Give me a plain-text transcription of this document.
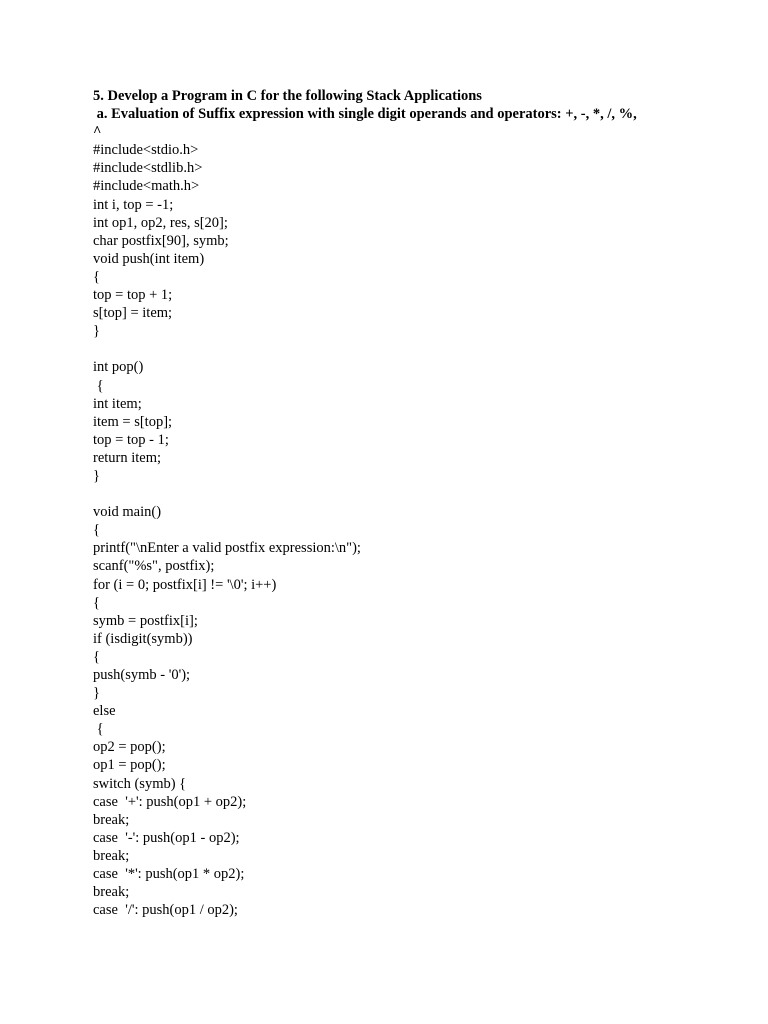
5. Develop a Program in C for the following Stack Applications
a. Evaluation of Suffix expression with single digit operands and operators: +, -, *, /, %,
^
#include<stdio.h>
#include<stdlib.h>
#include<math.h>
int i, top = -1;
int op1, op2, res, s[20];
char postfix[90], symb;
void push(int item)
{
top = top + 1;
s[top] = item;
}
int pop()
{
int item;
item = s[top];
top = top - 1;
return item;
}
void main()
{
printf("\nEnter a valid postfix expression:\n");
scanf("%s", postfix);
for (i = 0; postfix[i] != '\0'; i++)
{
symb = postfix[i];
if (isdigit(symb))
{
push(symb - '0');
}
else
{
op2 = pop();
op1 = pop();
switch (symb) {
case  '+': push(op1 + op2);
break;
case  '-': push(op1 - op2);
break;
case  '*': push(op1 * op2);
break;
case  '/': push(op1 / op2);
